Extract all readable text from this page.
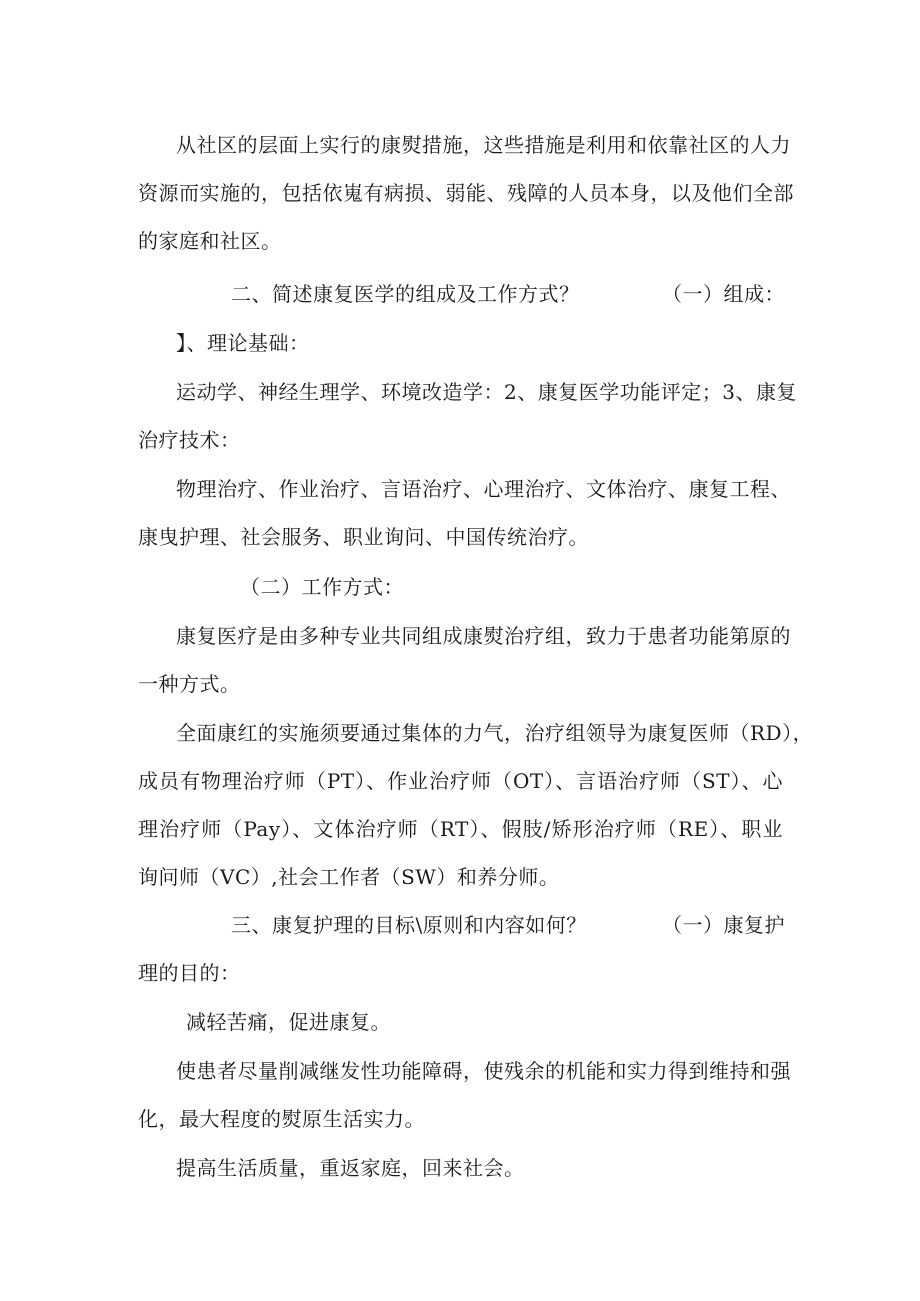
从社区的层面上实行的康熨措施，这些措施是利用和依靠社区的人力
资源而实施的，包括依嵬有病损、弱能、残障的人员本身，以及他们全部
的家庭和社区。
二、简述康复医学的组成及工作方式？	（一）组成：
】、理论基础：
运动学、神经生理学、环境改造学：2、康复医学功能评定；3、康复
治疗技术：
物理治疗、作业治疗、言语治疗、心理治疗、文体治疗、康复工程、
康曳护理、社会服务、职业询问、中国传统治疗。
（二）工作方式：
康复医疗是由多种专业共同组成康熨治疗组，致力于患者功能第原的
一种方式。
全面康红的实施须要通过集体的力气，治疗组领导为康复医师（RD），
成员有物理治疗师（PT）、作业治疗师（OT）、言语治疗师（ST）、心
理治疗师（Pay）、文体治疗师（RT）、假肢/矫形治疗师（RE）、职业
询问师（VC）,社会工作者（SW）和养分师。
三、康复护理的目标\原则和内容如何？	（一）康复护
理的目的：
减轻苦痛，促进康复。
使患者尽量削减继发性功能障碍，使残余的机能和实力得到维持和强
化，最大程度的熨原生活实力。
提高生活质量，重返家庭，回来社会。
